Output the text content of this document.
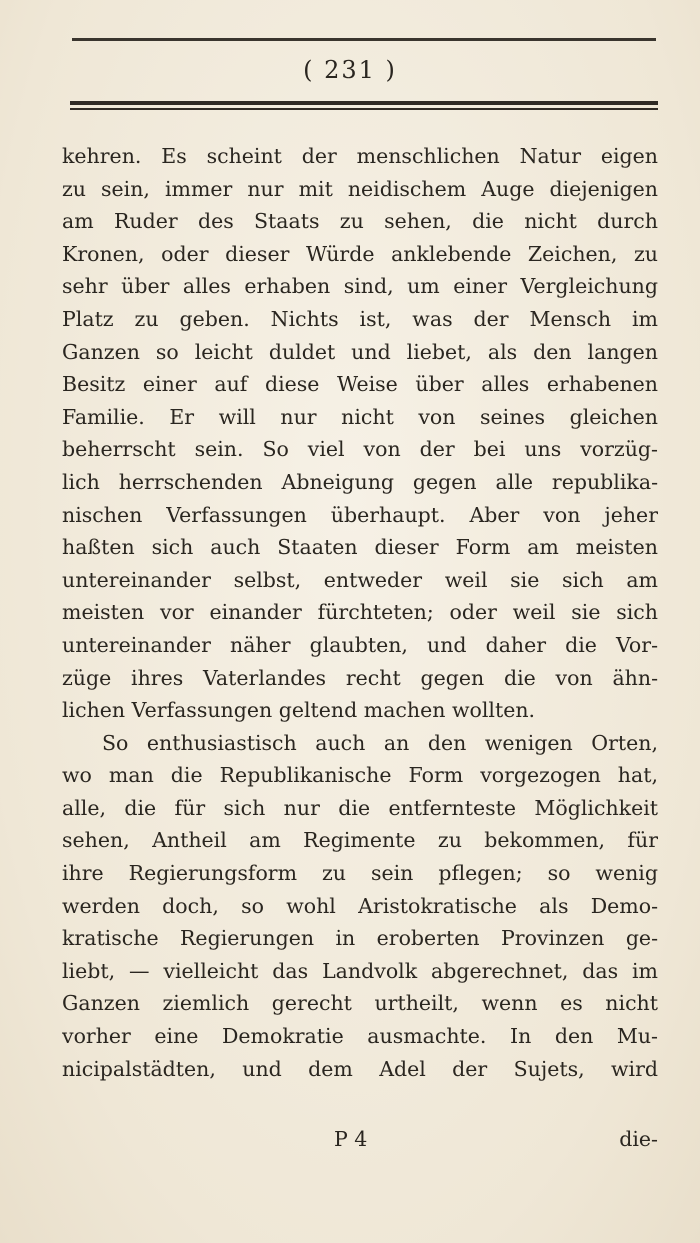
( 231 )
kehren. Es scheint der menschlichen Natur eigen
zu sein, immer nur mit neidischem Auge diejenigen
am Ruder des Staats zu sehen, die nicht durch
Kronen, oder dieser Würde anklebende Zeichen, zu
sehr über alles erhaben sind, um einer Vergleichung
Platz zu geben. Nichts ist, was der Mensch im
Ganzen so leicht duldet und liebet, als den langen
Besitz einer auf diese Weise über alles erhabenen
Familie. Er will nur nicht von seines gleichen
beherrscht sein. So viel von der bei uns vorzüg-
lich herrschenden Abneigung gegen alle republika-
nischen Verfassungen überhaupt. Aber von jeher
haßten sich auch Staaten dieser Form am meisten
untereinander selbst, entweder weil sie sich am
meisten vor einander fürchteten; oder weil sie sich
untereinander näher glaubten, und daher die Vor-
züge ihres Vaterlandes recht gegen die von ähn-
lichen Verfassungen geltend machen wollten.
So enthusiastisch auch an den wenigen Orten,
wo man die Republikanische Form vorgezogen hat,
alle, die für sich nur die entfernteste Möglichkeit
sehen, Antheil am Regimente zu bekommen, für
ihre Regierungsform zu sein pflegen; so wenig
werden doch, so wohl Aristokratische als Demo-
kratische Regierungen in eroberten Provinzen ge-
liebt, — vielleicht das Landvolk abgerechnet, das im
Ganzen ziemlich gerecht urtheilt, wenn es nicht
vorher eine Demokratie ausmachte. In den Mu-
nicipalstädten, und dem Adel der Sujets, wird
P 4	die-
